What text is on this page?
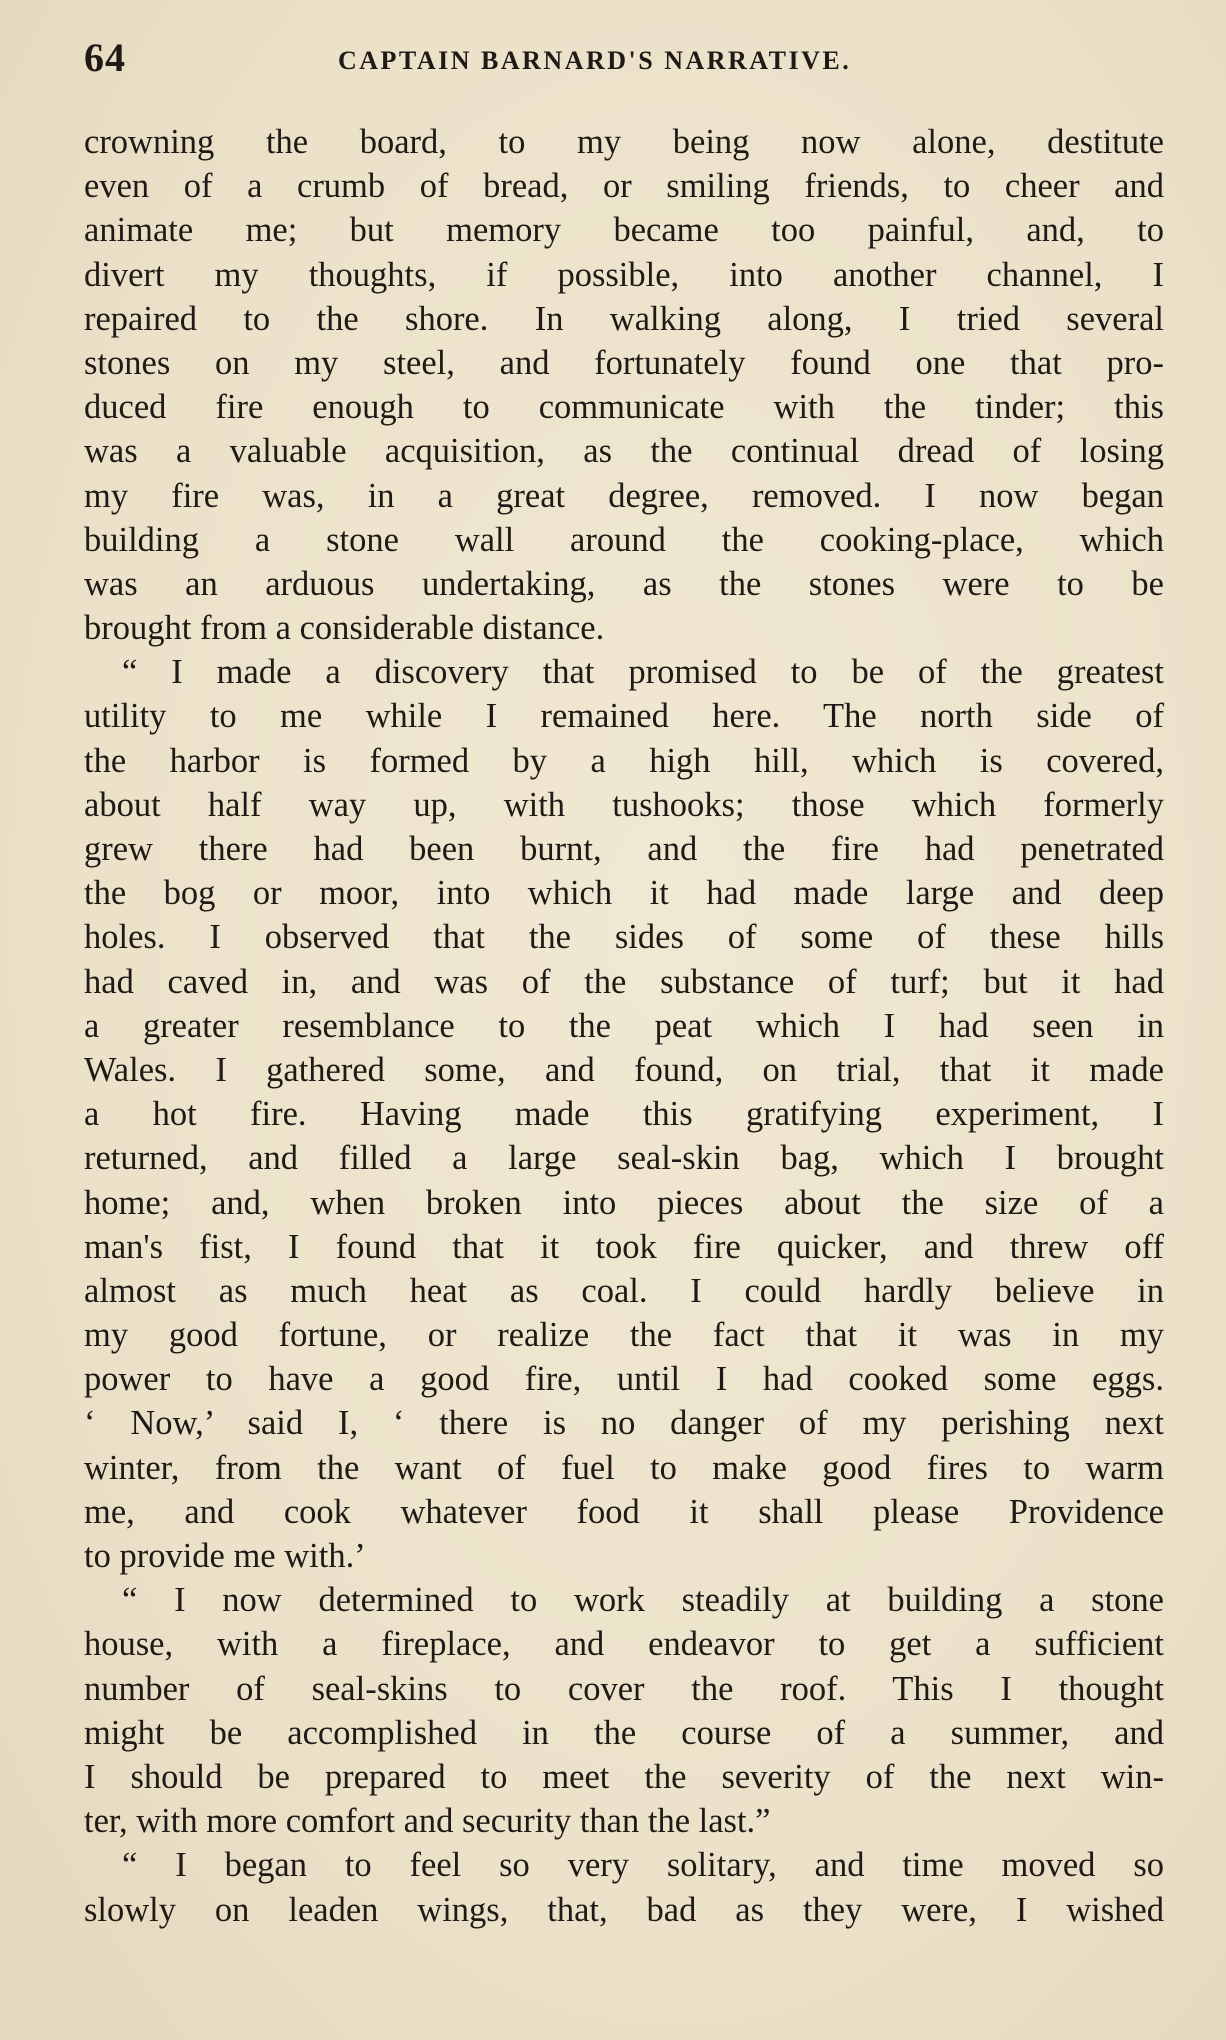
64	CAPTAIN BARNARD'S NARRATIVE.
crowning the board, to my being now alone, destitute
even of a crumb of bread, or smiling friends, to cheer and
animate me; but memory became too painful, and, to
divert my thoughts, if possible, into another channel, I
repaired to the shore. In walking along, I tried several
stones on my steel, and fortunately found one that pro-
duced fire enough to communicate with the tinder; this
was a valuable acquisition, as the continual dread of losing
my fire was, in a great degree, removed. I now began
building a stone wall around the cooking-place, which
was an arduous undertaking, as the stones were to be
brought from a considerable distance.
“ I made a discovery that promised to be of the greatest
utility to me while I remained here. The north side of
the harbor is formed by a high hill, which is covered,
about half way up, with tushooks; those which formerly
grew there had been burnt, and the fire had penetrated
the bog or moor, into which it had made large and deep
holes. I observed that the sides of some of these hills
had caved in, and was of the substance of turf; but it had
a greater resemblance to the peat which I had seen in
Wales. I gathered some, and found, on trial, that it made
a hot fire. Having made this gratifying experiment, I
returned, and filled a large seal-skin bag, which I brought
home; and, when broken into pieces about the size of a
man's fist, I found that it took fire quicker, and threw off
almost as much heat as coal. I could hardly believe in
my good fortune, or realize the fact that it was in my
power to have a good fire, until I had cooked some eggs.
‘ Now,’ said I, ‘ there is no danger of my perishing next
winter, from the want of fuel to make good fires to warm
me, and cook whatever food it shall please Providence
to provide me with.’
“ I now determined to work steadily at building a stone
house, with a fireplace, and endeavor to get a sufficient
number of seal-skins to cover the roof. This I thought
might be accomplished in the course of a summer, and
I should be prepared to meet the severity of the next win-
ter, with more comfort and security than the last.”
“ I began to feel so very solitary, and time moved so
slowly on leaden wings, that, bad as they were, I wished
